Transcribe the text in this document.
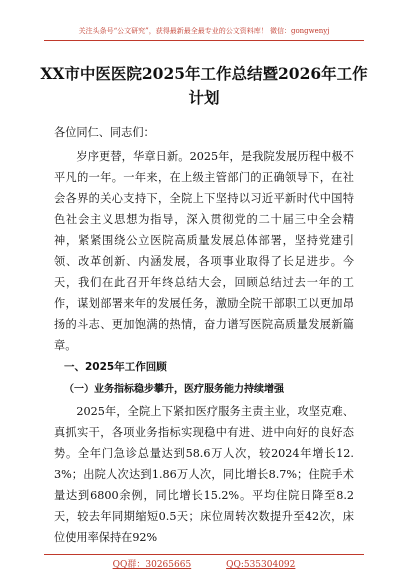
关注头条号“公文研究”，获得最新最全最专业的公文资料库！ 微信：gongwenyj
XX市中医医院2025年工作总结暨2026年工作计划

各位同仁、同志们：

岁序更替，华章日新。2025年，是我院发展历程中极不平凡的一年。一年来，在上级主管部门的正确领导下，在社会各界的关心支持下，全院上下坚持以习近平新时代中国特色社会主义思想为指导，深入贯彻党的二十届三中全会精神，紧紧围绕公立医院高质量发展总体部署，坚持党建引领、改革创新、内涵发展，各项事业取得了长足进步。今天，我们在此召开年终总结大会，回顾总结过去一年的工作，谋划部署来年的发展任务，激励全院干部职工以更加昂扬的斗志、更加饱满的热情，奋力谱写医院高质量发展新篇章。

一、2025年工作回顾

（一）业务指标稳步攀升，医疗服务能力持续增强

2025年，全院上下紧扣医疗服务主责主业，攻坚克难、真抓实干，各项业务指标实现稳中有进、进中向好的良好态势。全年门急诊总量达到58.6万人次，较2024年增长12.3%；出院人次达到1.86万人次，同比增长8.7%；住院手术量达到6800余例，同比增长15.2%。平均住院日降至8.2天，较去年同期缩短0.5天；床位周转次数提升至42次，床位使用率保持在92%

QQ群：30265665	QQ:535304092
